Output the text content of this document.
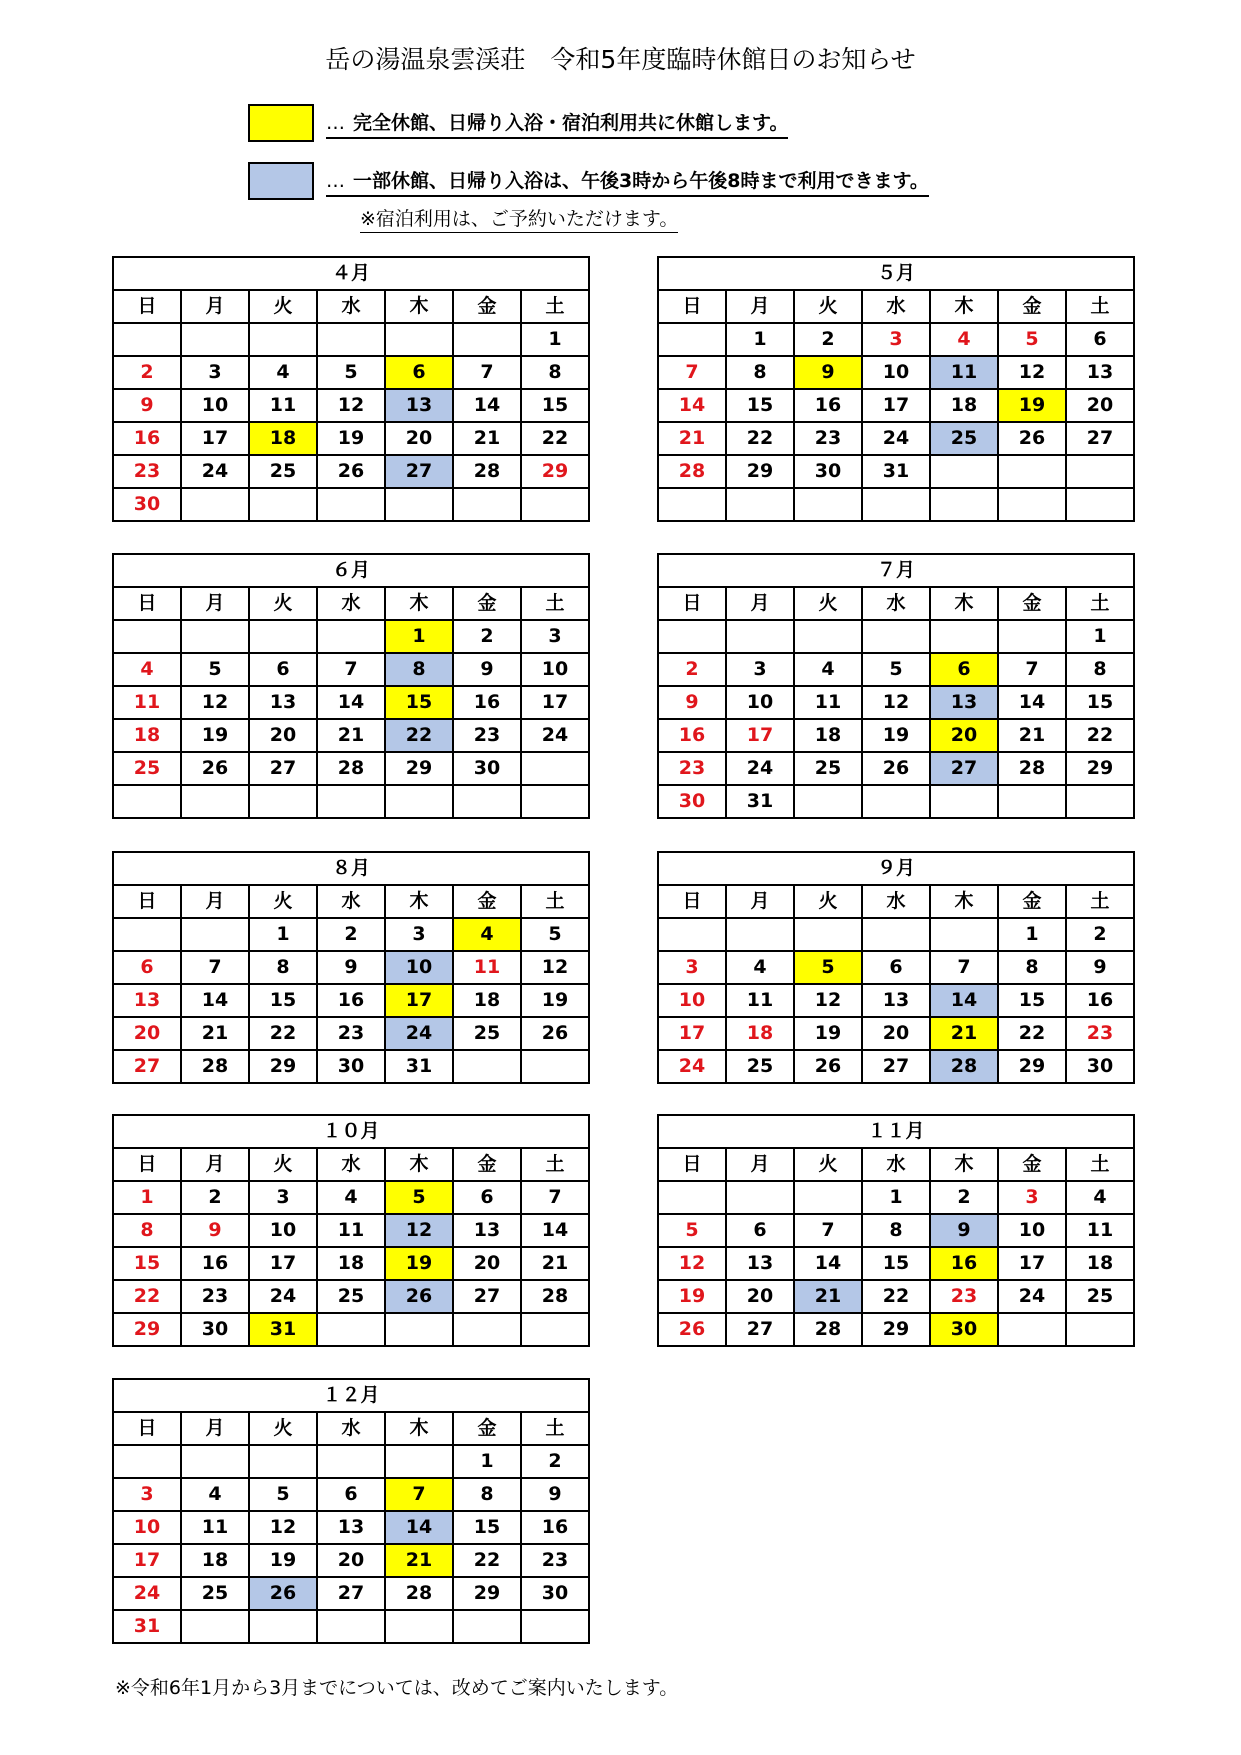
岳の湯温泉雲渓荘　令和5年度臨時休館日のお知らせ
… 完全休館、日帰り入浴・宿泊利用共に休館します。
… 一部休館、日帰り入浴は、午後3時から午後8時まで利用できます。
※宿泊利用は、ご予約いただけます。
４月						
日	月	火	水	木	金	土
						1
2	3	4	5	6	7	8
9	10	11	12	13	14	15
16	17	18	19	20	21	22
23	24	25	26	27	28	29
30						
５月						
日	月	火	水	木	金	土
	1	2	3	4	5	6
7	8	9	10	11	12	13
14	15	16	17	18	19	20
21	22	23	24	25	26	27
28	29	30	31			

６月						
日	月	火	水	木	金	土
				1	2	3
4	5	6	7	8	9	10
11	12	13	14	15	16	17
18	19	20	21	22	23	24
25	26	27	28	29	30	

７月						
日	月	火	水	木	金	土
						1
2	3	4	5	6	7	8
9	10	11	12	13	14	15
16	17	18	19	20	21	22
23	24	25	26	27	28	29
30	31					
８月						
日	月	火	水	木	金	土
		1	2	3	4	5
6	7	8	9	10	11	12
13	14	15	16	17	18	19
20	21	22	23	24	25	26
27	28	29	30	31		
９月						
日	月	火	水	木	金	土
					1	2
3	4	5	6	7	8	9
10	11	12	13	14	15	16
17	18	19	20	21	22	23
24	25	26	27	28	29	30
１０月						
日	月	火	水	木	金	土
1	2	3	4	5	6	7
8	9	10	11	12	13	14
15	16	17	18	19	20	21
22	23	24	25	26	27	28
29	30	31				
１１月						
日	月	火	水	木	金	土
			1	2	3	4
5	6	7	8	9	10	11
12	13	14	15	16	17	18
19	20	21	22	23	24	25
26	27	28	29	30		
１２月						
日	月	火	水	木	金	土
					1	2
3	4	5	6	7	8	9
10	11	12	13	14	15	16
17	18	19	20	21	22	23
24	25	26	27	28	29	30
31						
※令和6年1月から3月までについては、改めてご案内いたします。
